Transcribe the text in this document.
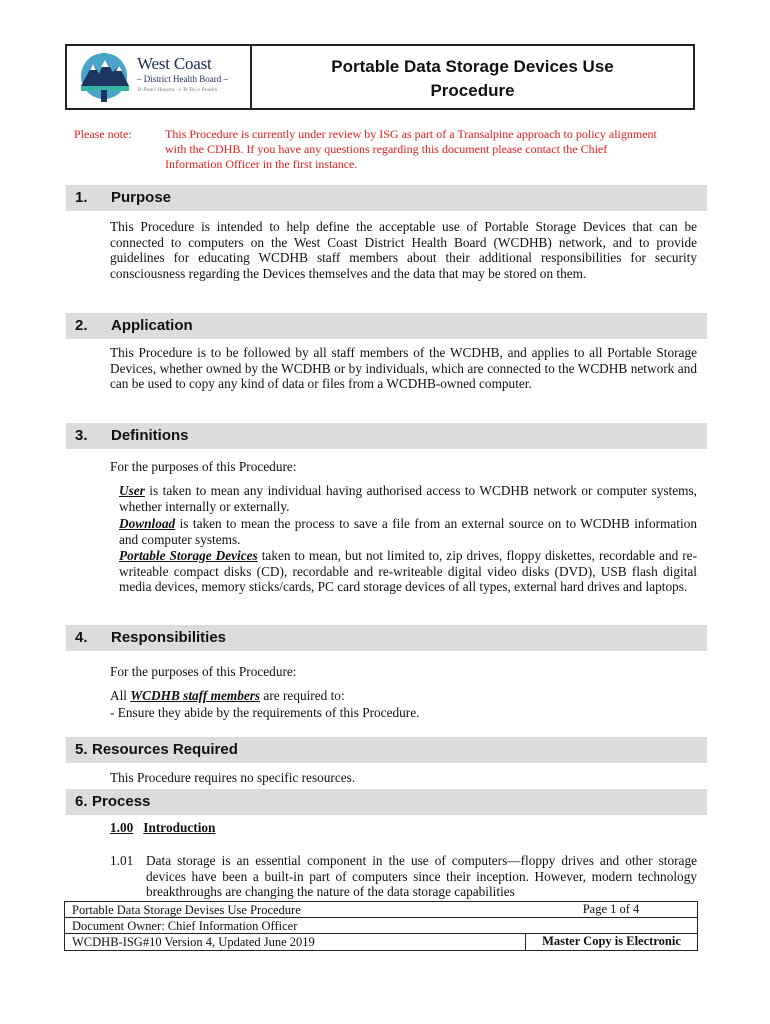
West Coast
– District Health Board –
Te Poari Hauora · o Te Tai o Poutini
Portable Data Storage Devices Use
Procedure
Please note:	This Procedure is currently under review by ISG as part of a Transalpine approach to policy alignment
with the CDHB. If you have any questions regarding this document please contact the Chief
Information Officer in the first instance.
1. Purpose
This Procedure is intended to help define the acceptable use of Portable Storage Devices that can be connected to computers on the West Coast District Health Board (WCDHB) network, and to provide guidelines for educating WCDHB staff members about their additional responsibilities for security consciousness regarding the Devices themselves and the data that may be stored on them.
2. Application
This Procedure is to be followed by all staff members of the WCDHB, and applies to all Portable Storage Devices, whether owned by the WCDHB or by individuals, which are connected to the WCDHB network and can be used to copy any kind of data or files from a WCDHB-owned computer.
3. Definitions
For the purposes of this Procedure:
User is taken to mean any individual having authorised access to WCDHB network or computer systems, whether internally or externally.
Download is taken to mean the process to save a file from an external source on to WCDHB information and computer systems.
Portable Storage Devices taken to mean, but not limited to, zip drives, floppy diskettes, recordable and re-writeable compact disks (CD), recordable and re-writeable digital video disks (DVD), USB flash digital media devices, memory sticks/cards, PC card storage devices of all types, external hard drives and laptops.
4. Responsibilities
For the purposes of this Procedure:
All WCDHB staff members are required to:
- Ensure they abide by the requirements of this Procedure.
5. Resources Required
This Procedure requires no specific resources.
6. Process
1.00 Introduction
1.01 Data storage is an essential component in the use of computers—floppy drives and other storage devices have been a built-in part of computers since their inception. However, modern technology breakthroughs are changing the nature of the data storage capabilities
Portable Data Storage Devises Use Procedure	Page 1 of 4
Document Owner: Chief Information Officer
WCDHB-ISG#10 Version 4, Updated June 2019	Master Copy is Electronic
